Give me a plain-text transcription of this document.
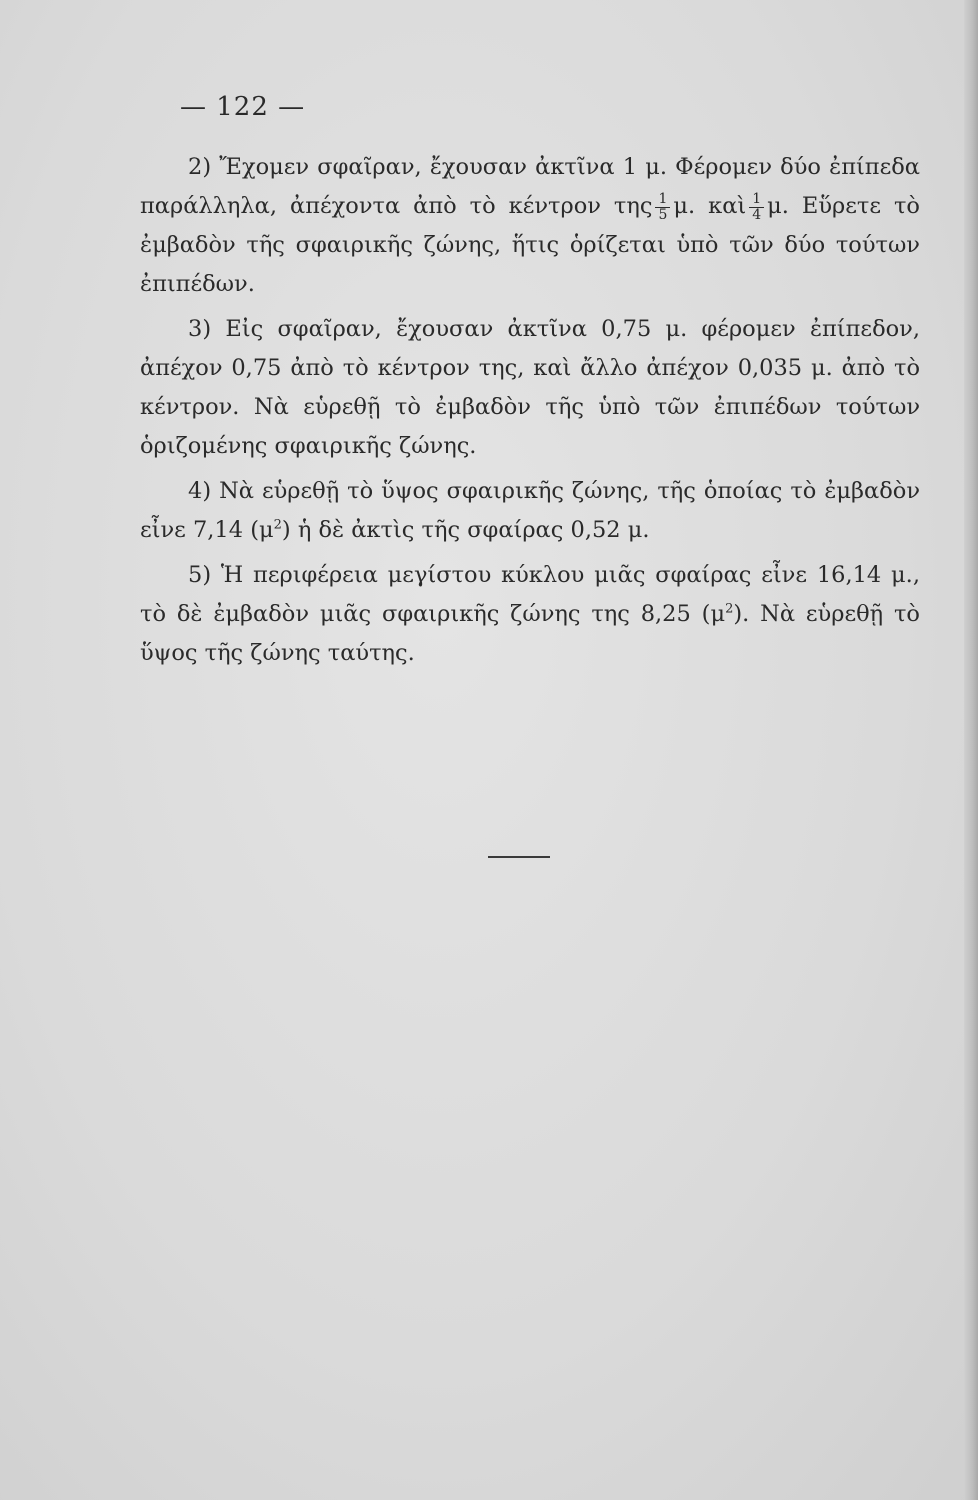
— 122 —

2) Ἔχομεν σφαῖραν, ἔχουσαν ἀκτῖνα 1 μ. Φέρομεν δύο ἐπίπεδα παράλληλα, ἀπέχοντα ἀπὸ τὸ κέντρον της $\frac{1}{5} \mu$. καὶ $\frac{1}{4} \mu$. Εὕρετε τὸ ἐμβαδὸν τῆς σφαιρικῆς ζώνης, ἥτις ὁρίζεται ὑπὸ τῶν δύο τούτων ἐπιπέδων.

3) Εἰς σφαῖραν, ἔχουσαν ἀκτῖνα 0,75 μ. φέρομεν ἐπίπεδον, ἀπέχον 0,75 ἀπὸ τὸ κέντρον της, καὶ ἄλλο ἀπέχον 0,035 μ. ἀπὸ τὸ κέντρον. Νὰ εὑρεθῇ τὸ ἐμβαδὸν τῆς ὑπὸ τῶν ἐπιπέδων τούτων ὁριζομένης σφαιρικῆς ζώνης.

4) Νὰ εὑρεθῇ τὸ ὕψος σφαιρικῆς ζώνης, τῆς ὁποίας τὸ ἐμβαδὸν εἶνε 7,14 $(\mu^2)$ ἡ δὲ ἀκτὶς τῆς σφαίρας 0,52 μ.

5) Ἡ περιφέρεια μεγίστου κύκλου μιᾶς σφαίρας εἶνε 16,14 μ., τὸ δὲ ἐμβαδὸν μιᾶς σφαιρικῆς ζώνης της 8,25 $(\mu^2)$. Νὰ εὑρεθῇ τὸ ὕψος τῆς ζώνης ταύτης.
